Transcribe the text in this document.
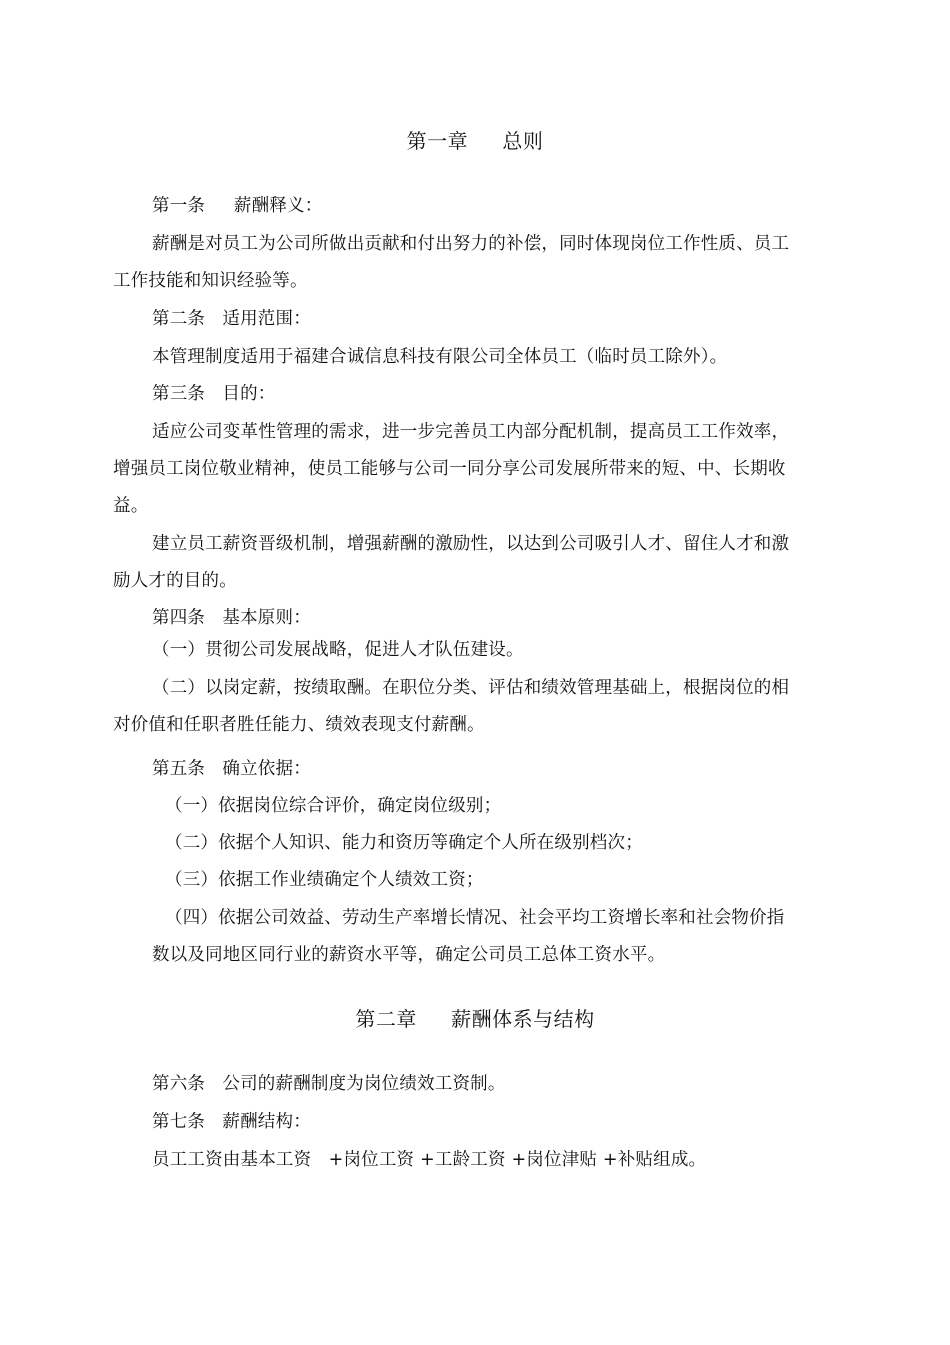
第一章     总则
第一条     薪酬释义：
薪酬是对员工为公司所做出贡献和付出努力的补偿，同时体现岗位工作性质、员工
工作技能和知识经验等。
第二条   适用范围：
本管理制度适用于福建合诚信息科技有限公司全体员工（临时员工除外）。
第三条   目的：
适应公司变革性管理的需求，进一步完善员工内部分配机制，提高员工工作效率，
增强员工岗位敬业精神，使员工能够与公司一同分享公司发展所带来的短、中、长期收
益。
建立员工薪资晋级机制，增强薪酬的激励性，以达到公司吸引人才、留住人才和激
励人才的目的。
第四条   基本原则：
（一）贯彻公司发展战略，促进人才队伍建设。
（二）以岗定薪，按绩取酬。在职位分类、评估和绩效管理基础上，根据岗位的相
对价值和任职者胜任能力、绩效表现支付薪酬。
第五条   确立依据：
（一）依据岗位综合评价，确定岗位级别；
（二）依据个人知识、能力和资历等确定个人所在级别档次；
（三）依据工作业绩确定个人绩效工资；
（四）依据公司效益、劳动生产率增长情况、社会平均工资增长率和社会物价指
数以及同地区同行业的薪资水平等，确定公司员工总体工资水平。
第二章     薪酬体系与结构
第六条   公司的薪酬制度为岗位绩效工资制。
第七条   薪酬结构：
员工工资由基本工资   +岗位工资 +工龄工资 +岗位津贴 +补贴组成。
